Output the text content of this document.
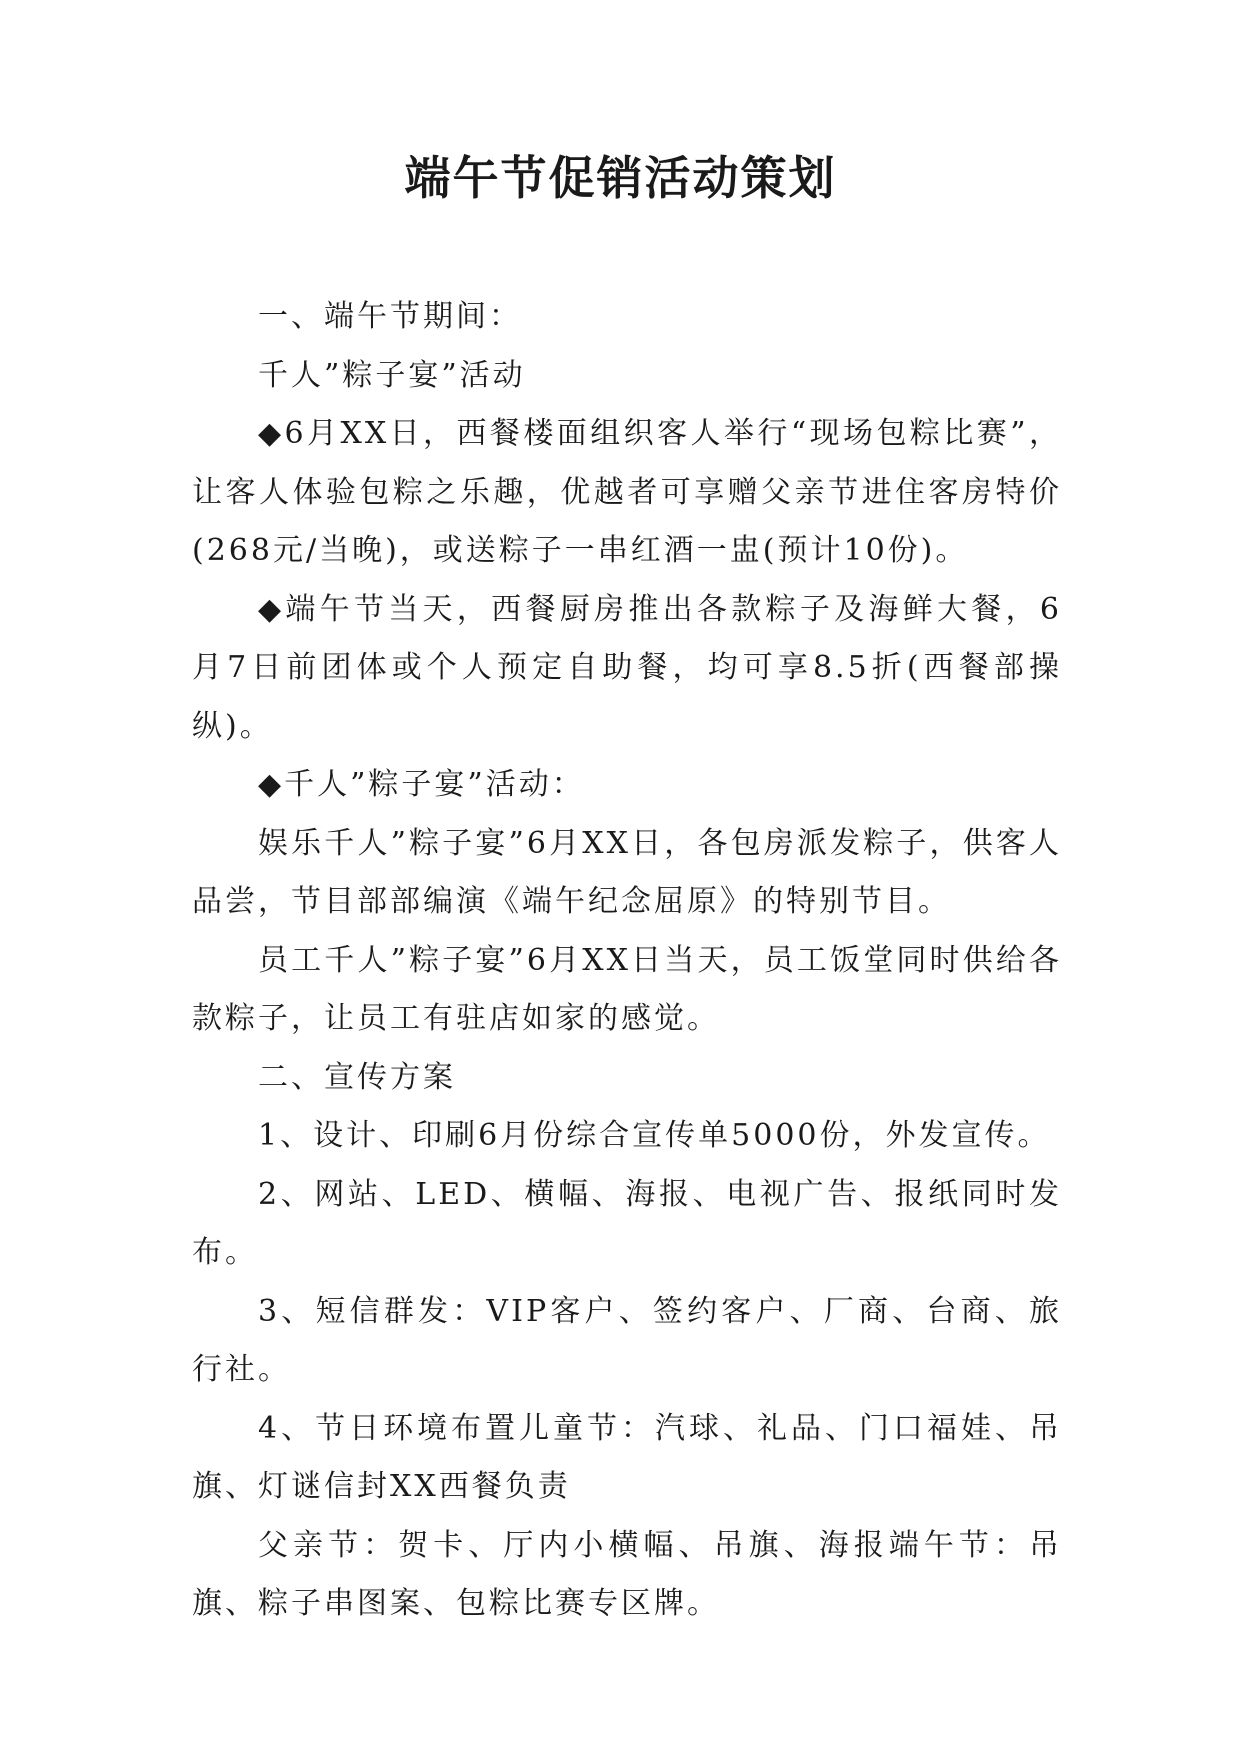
端午节促销活动策划

一、端午节期间：

千人”粽子宴”活动

◆6月XX日，西餐楼面组织客人举行“现场包粽比赛”，让客人体验包粽之乐趣，优越者可享赠父亲节进住客房特价(268元/当晚)，或送粽子一串红酒一盅(预计10份)。

◆端午节当天，西餐厨房推出各款粽子及海鲜大餐，6月7日前团体或个人预定自助餐，均可享8.5折(西餐部操纵)。

◆千人”粽子宴”活动：

娱乐千人”粽子宴”6月XX日，各包房派发粽子，供客人品尝，节目部部编演《端午纪念屈原》的特别节目。

员工千人”粽子宴”6月XX日当天，员工饭堂同时供给各款粽子，让员工有驻店如家的感觉。

二、宣传方案

1、设计、印刷6月份综合宣传单5000份，外发宣传。

2、网站、LED、横幅、海报、电视广告、报纸同时发布。

3、短信群发：VIP客户、签约客户、厂商、台商、旅行社。

4、节日环境布置儿童节：汽球、礼品、门口福娃、吊旗、灯谜信封XX西餐负责

父亲节：贺卡、厅内小横幅、吊旗、海报端午节：吊旗、粽子串图案、包粽比赛专区牌。
